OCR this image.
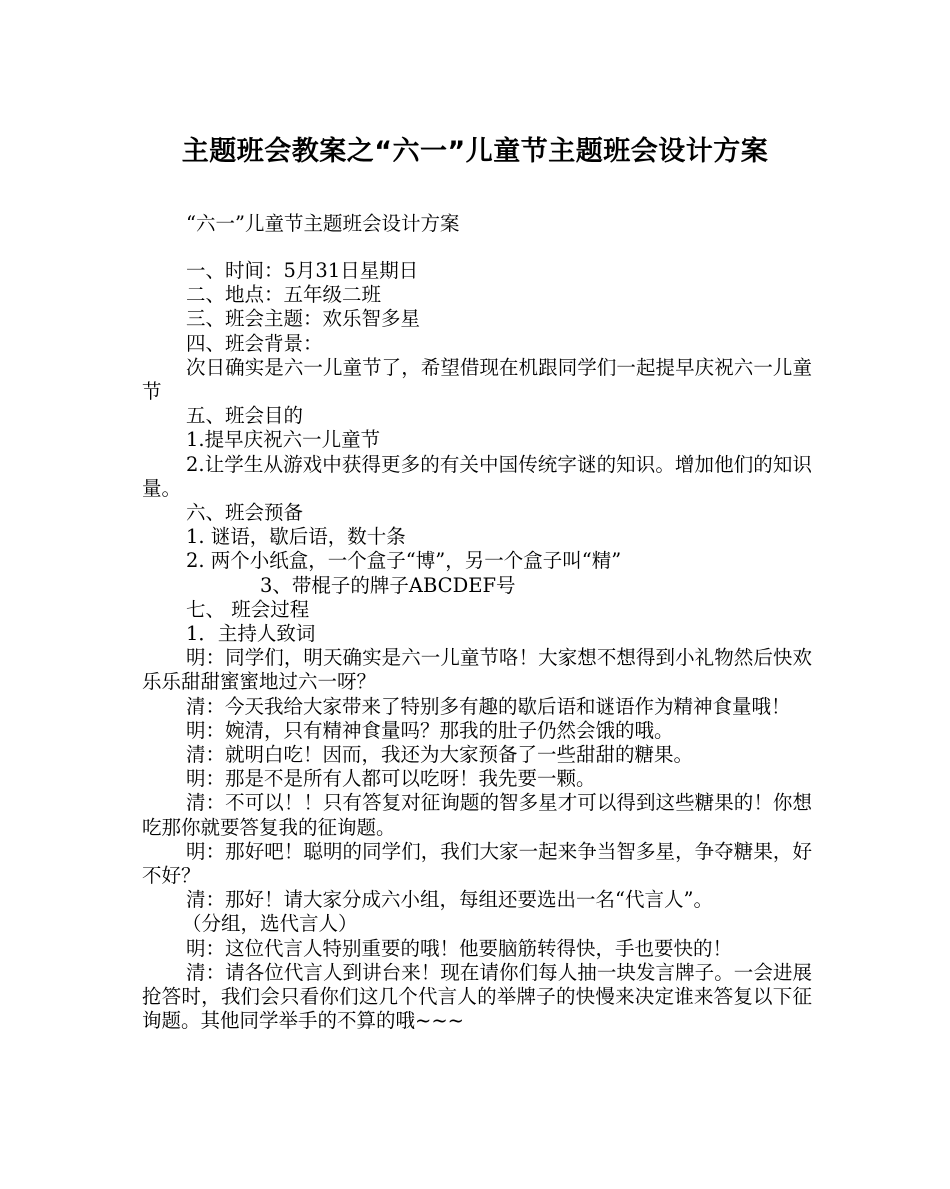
主题班会教案之“六一”儿童节主题班会设计方案
“六一”儿童节主题班会设计方案

一、时间：5月31日星期日

二、地点：五年级二班

三、班会主题：欢乐智多星

四、班会背景：

次日确实是六一儿童节了，希望借现在机跟同学们一起提早庆祝六一儿童节

五、班会目的

1.提早庆祝六一儿童节

2.让学生从游戏中获得更多的有关中国传统字谜的知识。增加他们的知识量。

六、班会预备

1. 谜语，歇后语，数十条

2. 两个小纸盒，一个盒子“博”，另一个盒子叫“精”

3、带棍子的牌子ABCDEF号

七、 班会过程

1．主持人致词

明：同学们，明天确实是六一儿童节咯！大家想不想得到小礼物然后快欢乐乐甜甜蜜蜜地过六一呀？

清：今天我给大家带来了特别多有趣的歇后语和谜语作为精神食量哦！

明：婉清，只有精神食量吗？那我的肚子仍然会饿的哦。

清：就明白吃！因而，我还为大家预备了一些甜甜的糖果。

明：那是不是所有人都可以吃呀！我先要一颗。

清：不可以！！只有答复对征询题的智多星才可以得到这些糖果的！你想吃那你就要答复我的征询题。

明：那好吧！聪明的同学们，我们大家一起来争当智多星，争夺糖果，好不好？

清：那好！请大家分成六小组，每组还要选出一名“代言人”。

（分组，选代言人）

明：这位代言人特别重要的哦！他要脑筋转得快，手也要快的！

清：请各位代言人到讲台来！现在请你们每人抽一块发言牌子。一会进展抢答时，我们会只看你们这几个代言人的举牌子的快慢来决定谁来答复以下征询题。其他同学举手的不算的哦~~~
